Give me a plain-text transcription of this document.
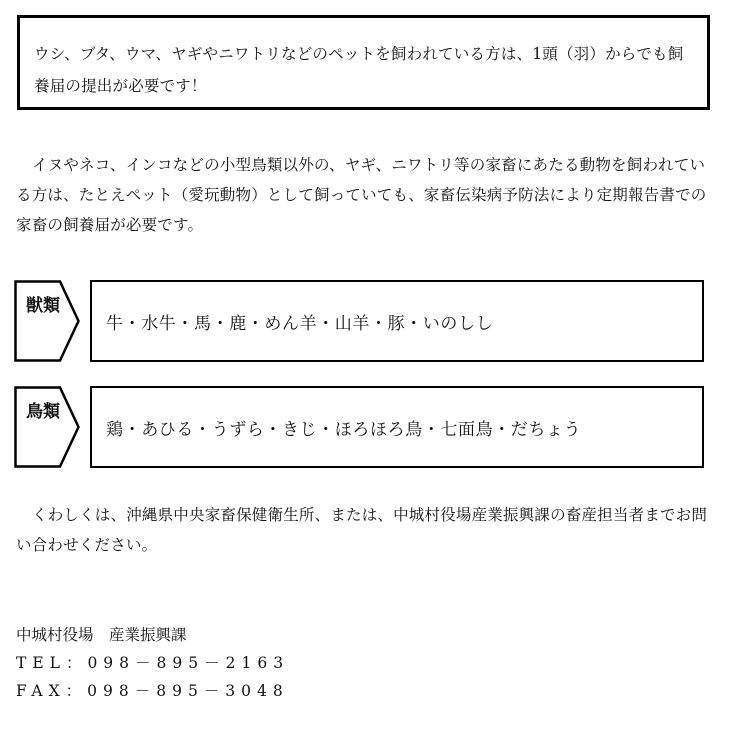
ウシ、ブタ、ウマ、ヤギやニワトリなどのペットを飼われている方は、1頭（羽）からでも飼養届の提出が必要です！

イヌやネコ、インコなどの小型鳥類以外の、ヤギ、ニワトリ等の家畜にあたる動物を飼われている方は、たとえペット（愛玩動物）として飼っていても、家畜伝染病予防法により定期報告書での家畜の飼養届が必要です。

獣類
牛・水牛・馬・鹿・めん羊・山羊・豚・いのしし
鳥類
鶏・あひる・うずら・きじ・ほろほろ鳥・七面鳥・だちょう

くわしくは、沖縄県中央家畜保健衛生所、または、中城村役場産業振興課の畜産担当者までお問い合わせください。

中城村役場　産業振興課
TEL：098－895－2163
FAX：098－895－3048
